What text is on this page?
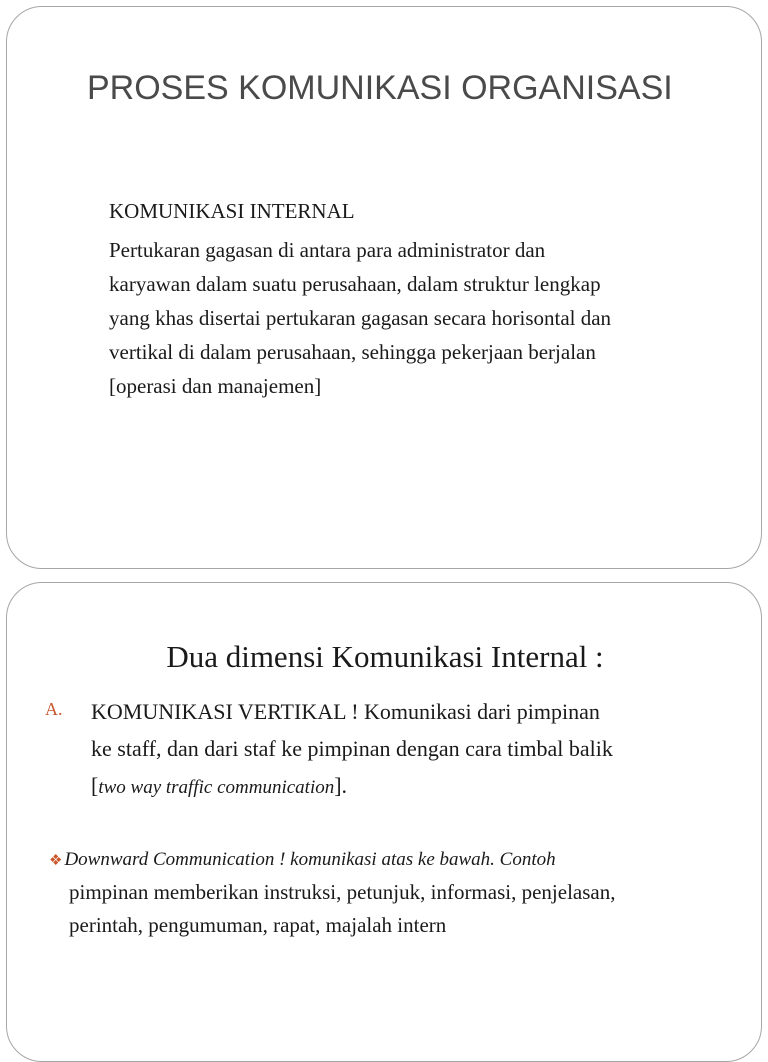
PROSES KOMUNIKASI ORGANISASI

KOMUNIKASI INTERNAL

Pertukaran gagasan di antara para administrator dan
karyawan dalam suatu perusahaan, dalam struktur lengkap
yang khas disertai pertukaran gagasan secara horisontal dan
vertikal di dalam perusahaan, sehingga pekerjaan berjalan
[operasi dan manajemen]

Dua dimensi Komunikasi Internal :
A. KOMUNIKASI VERTIKAL ! Komunikasi dari pimpinan
ke staff, dan dari staf ke pimpinan dengan cara timbal balik
[two way traffic communication].
❖ Downward Communication ! komunikasi atas ke bawah. Contoh
pimpinan memberikan instruksi, petunjuk, informasi, penjelasan,
perintah, pengumuman, rapat, majalah intern
